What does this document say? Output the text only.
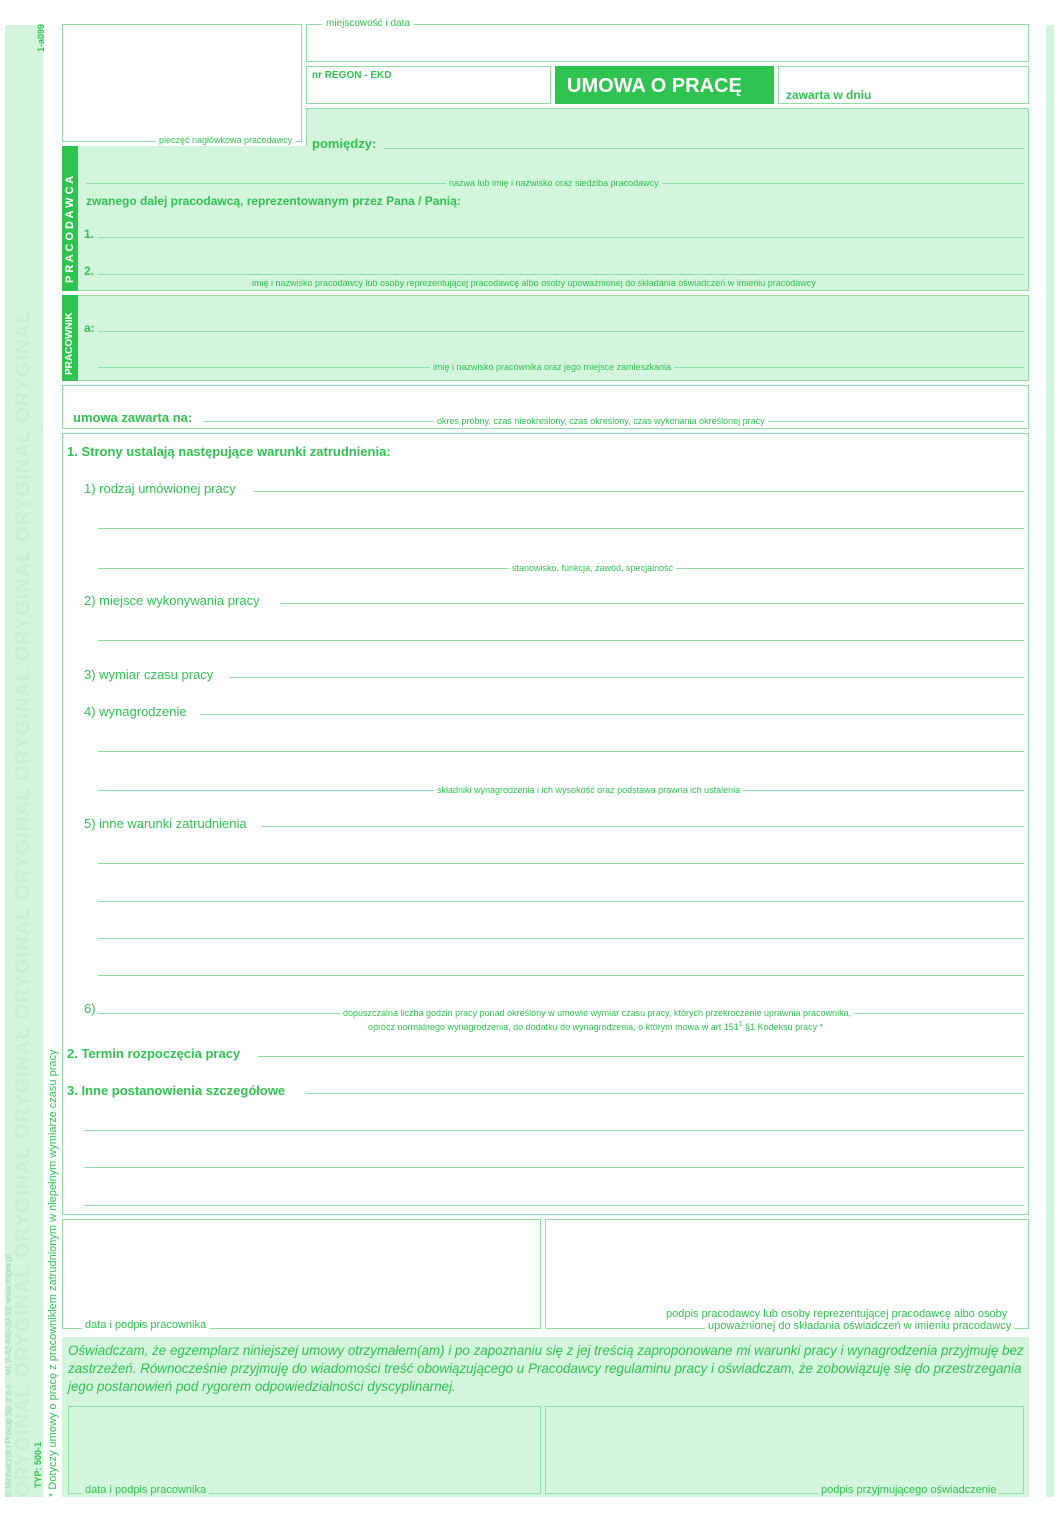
ORYGINAŁ ORYGINAŁ ORYGINAŁ ORYGINAŁ ORYGINAŁ ORYGINAŁ ORYGINAŁ ORYGINAŁ ORYGINAŁ ORYGINAŁ
1-a099
© Michalczyk i Prokop Sp. z o.o. · tel. 0-42-640-39-59, www.mipro.pl TYP: 500-1 * Dotyczy umowy o pracę z pracownikiem zatrudnionym w niepełnym wymiarze czasu pracy
pieczęć nagłówkowa pracodawcy
miejscowość i data
nr REGON - EKD	UMOWA O PRACĘ	zawarta w dniu
P R A C O D A W C A
pomiędzy:
nazwa lub imię i nazwisko oraz siedziba pracodawcy
zwanego dalej pracodawcą, reprezentowanym przez Pana / Panią:
1.
2.
imię i nazwisko pracodawcy lub osoby reprezentującej pracodawcę albo osoby upoważnionej do składania oświadczeń w imieniu pracodawcy
PRACOWNIK a:
imię i nazwisko pracownika oraz jego miejsce zamieszkania
umowa zawarta na:	okres próbny, czas nieokreślony, czas określony, czas wykonania określonej pracy
1. Strony ustalają następujące warunki zatrudnienia:
1) rodzaj umówionej pracy
stanowisko, funkcja, zawód, specjalność
2) miejsce wykonywania pracy
3) wymiar czasu pracy
4) wynagrodzenie
składniki wynagrodzenia i ich wysokość oraz podstawa prawna ich ustalenia
5) inne warunki zatrudnienia
6)	dopuszczalna liczba godzin pracy ponad określony w umowie wymiar czasu pracy, których przekroczenie uprawnia pracownika,
oprócz normalnego wynagrodzenia, do dodatku do wynagrodzenia, o którym mowa w art $151^1$ §1 Kodeksu pracy *
2. Termin rozpoczęcia pracy
3. Inne postanowienia szczegółowe
data i podpis pracownika
podpis pracodawcy lub osoby reprezentującej pracodawcę albo osoby
upoważnionej do składania oświadczeń w imieniu pracodawcy
Oświadczam, że egzemplarz niniejszej umowy otrzymałem(am) i po zapoznaniu się z jej treścią zaproponowane mi warunki pracy i wynagrodzenia przyjmuję bez zastrzeżeń. Równocześnie przyjmuję do wiadomości treść obowiązującego u Pracodawcy regulaminu pracy i oświadczam, że zobowiązuję się do przestrzegania jego postanowień pod rygorem odpowiedzialności dyscyplinarnej.
data i podpis pracownika	podpis przyjmującego oświadczenie
